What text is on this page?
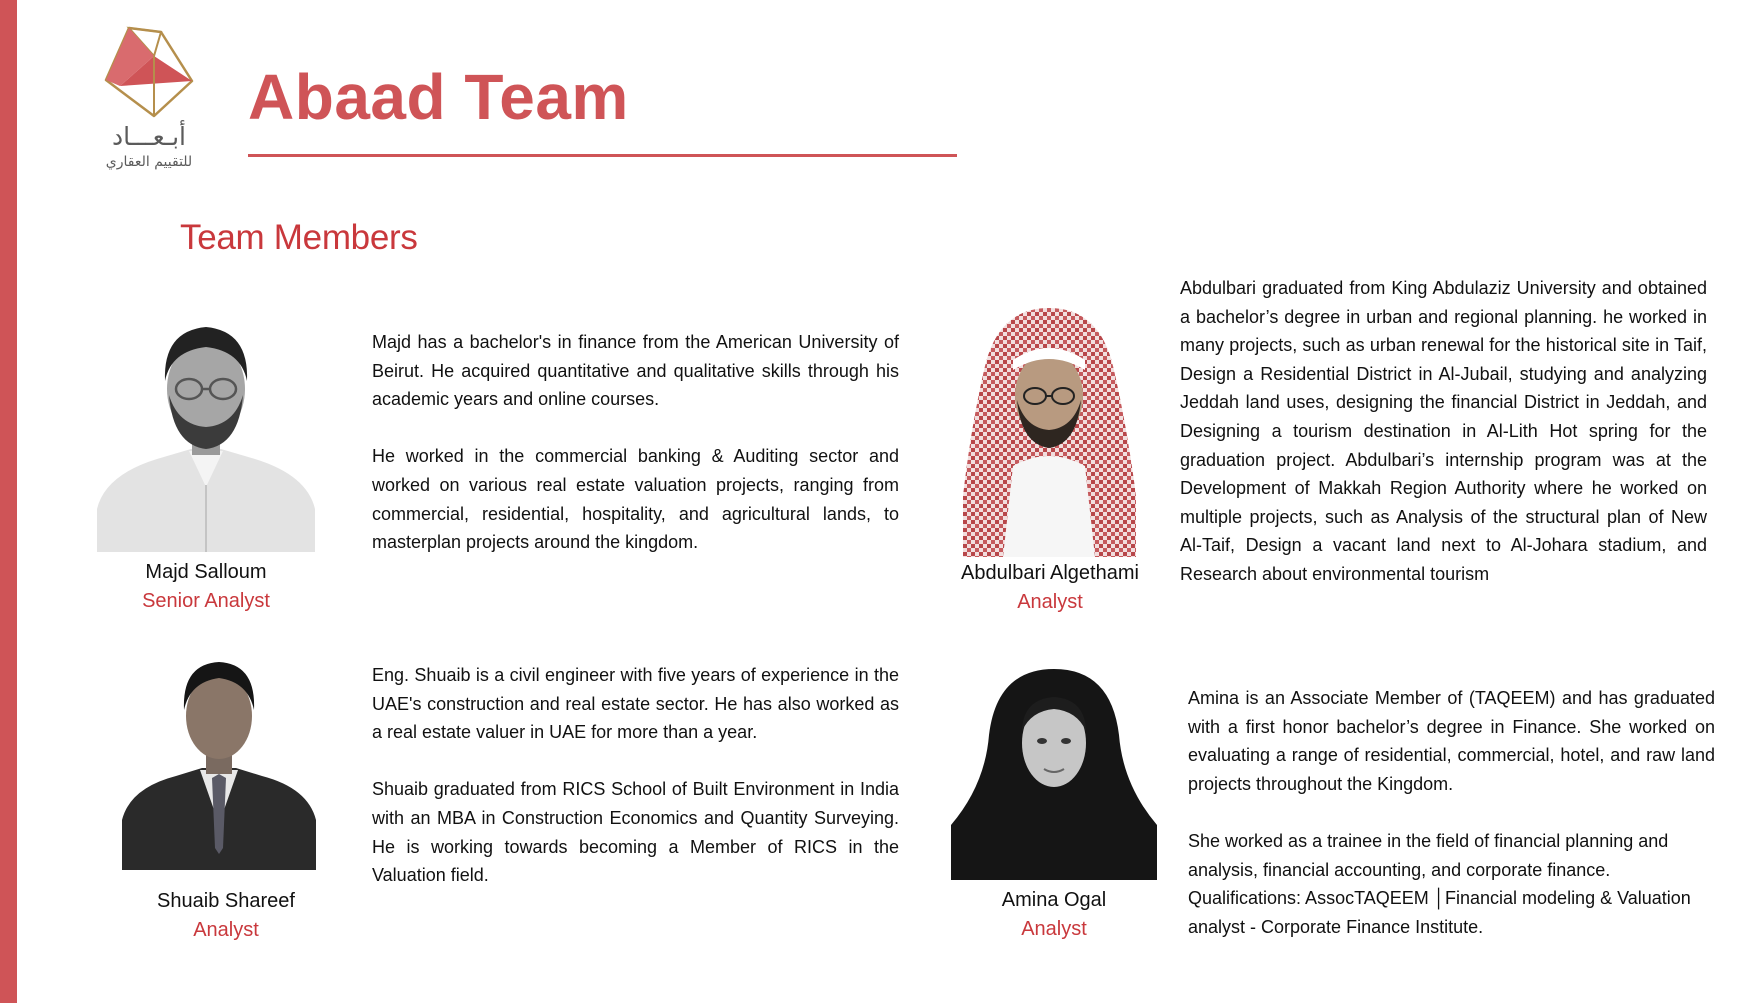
أبـعـــاد
للتقييم العقاري
Abaad Team
Team Members
Majd Salloum
Senior Analyst

Majd has a bachelor's in finance from the American University of Beirut. He acquired quantitative and qualitative skills through his academic years and online courses.

He worked in the commercial banking & Auditing sector and worked on various real estate valuation projects, ranging from commercial, residential, hospitality, and agricultural lands, to masterplan projects around the kingdom.

Abdulbari Algethami
Analyst

Abdulbari graduated from King Abdulaziz University and obtained a bachelor’s degree in urban and regional planning. he worked in many projects, such as urban renewal for the historical site in Taif, Design a Residential District in Al-Jubail, studying and analyzing Jeddah land uses, designing the financial District in Jeddah, and Designing a tourism destination in Al-Lith Hot spring for the graduation project. Abdulbari’s internship program was at the Development of Makkah Region Authority where he worked on multiple projects, such as Analysis of the structural plan of New Al-Taif, Design a vacant land next to Al-Johara stadium, and Research about environmental tourism

Shuaib Shareef
Analyst

Eng. Shuaib is a civil engineer with five years of experience in the UAE's construction and real estate sector. He has also worked as a real estate valuer in UAE for more than a year.

Shuaib graduated from RICS School of Built Environment in India with an MBA in Construction Economics and Quantity Surveying. He is working towards becoming a Member of RICS in the Valuation field.

Amina Ogal
Analyst

Amina is an Associate Member of (TAQEEM) and has graduated with a first honor bachelor’s degree in Finance. She worked on evaluating a range of residential, commercial, hotel, and raw land projects throughout the Kingdom.

She worked as a trainee in the field of financial planning and analysis, financial accounting, and corporate finance. Qualifications: AssocTAQEEM │Financial modeling & Valuation analyst - Corporate Finance Institute.
